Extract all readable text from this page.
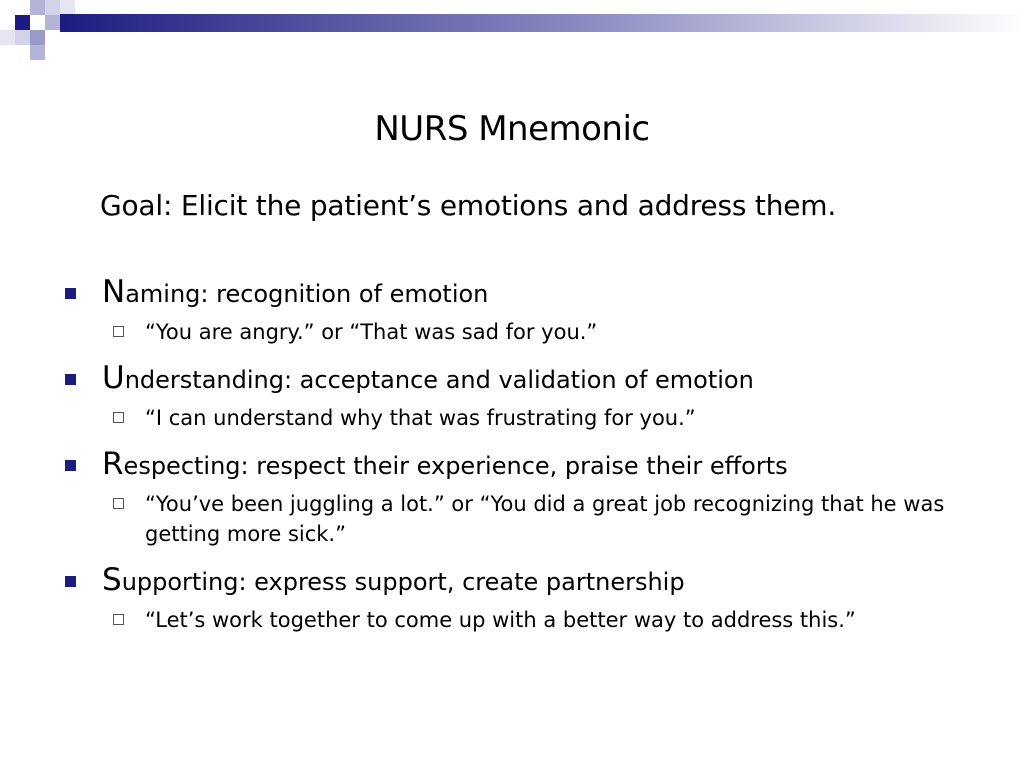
NURS Mnemonic
Goal: Elicit the patient’s emotions and address them.
Naming: recognition of emotion
“You are angry.” or “That was sad for you.”
Understanding: acceptance and validation of emotion
“I can understand why that was frustrating for you.”
Respecting: respect their experience, praise their efforts
“You’ve been juggling a lot.” or “You did a great job recognizing that he was getting more sick.”
Supporting: express support, create partnership
“Let’s work together to come up with a better way to address this.”
